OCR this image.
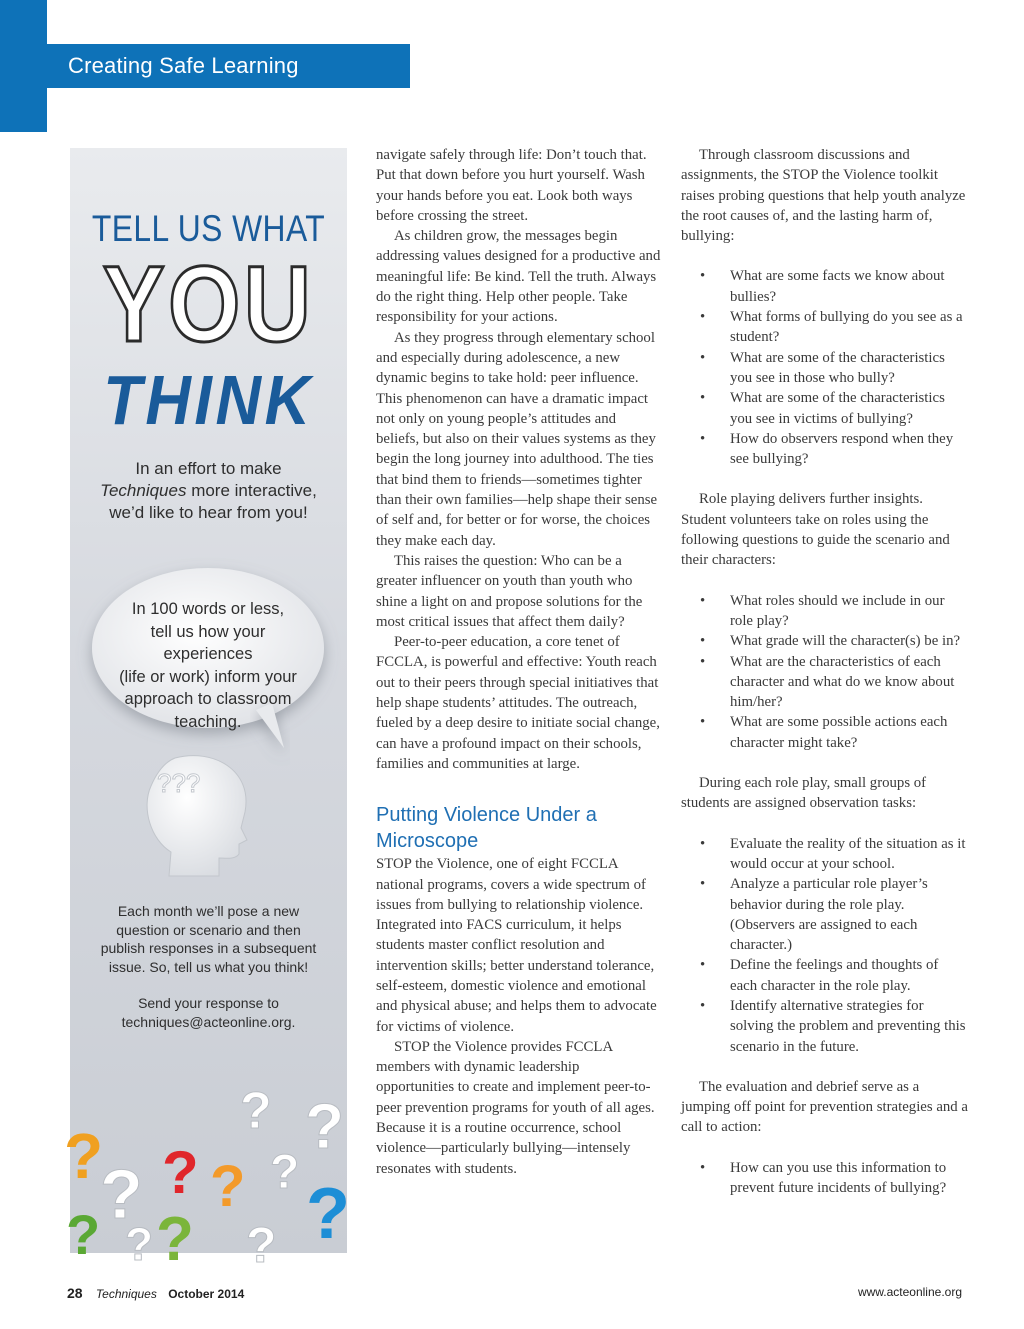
Creating Safe Learning Environments
TELL US WHAT
YOU
THINK
In an effort to make
Techniques more interactive,
we’d like to hear from you!
In 100 words or less,
tell us how your experiences
(life or work) inform your
approach to classroom
teaching.
???
Each month we’ll pose a new
question or scenario and then
publish responses in a subsequent
issue. So, tell us what you think!
Send your response to
techniques@acteonline.org.
? ?
?
? ? ? ?
?
? ?
? ?

navigate safely through life: Don’t touch that. Put that down before you hurt yourself. Wash your hands before you eat. Look both ways before crossing the street.

As children grow, the messages begin addressing values designed for a productive and meaningful life: Be kind. Tell the truth. Always do the right thing. Help other people. Take responsibility for your actions.

As they progress through elementary school and especially during adolescence, a new dynamic begins to take hold: peer influence. This phenomenon can have a dramatic impact not only on young people’s attitudes and beliefs, but also on their values systems as they begin the long journey into adulthood. The ties that bind them to friends—sometimes tighter than their own families—help shape their sense of self and, for better or for worse, the choices they make each day.

This raises the question: Who can be a greater influencer on youth than youth who shine a light on and propose solutions for the most critical issues that affect them daily?

Peer-to-peer education, a core tenet of FCCLA, is powerful and effective: Youth reach out to their peers through special initiatives that help shape students’ attitudes. The outreach, fueled by a deep desire to initiate social change, can have a profound impact on their schools, families and communities at large.

Putting Violence Under a Microscope

STOP the Violence, one of eight FCCLA national programs, covers a wide spectrum of issues from bullying to relationship violence. Integrated into FACS curriculum, it helps students master conflict resolution and intervention skills; better understand tolerance, self-esteem, domestic violence and emotional and physical abuse; and helps them to advocate for victims of violence.

STOP the Violence provides FCCLA members with dynamic leadership opportunities to create and implement peer-to-peer prevention programs for youth of all ages. Because it is a routine occurrence, school violence—particularly bullying—intensely resonates with students.

Through classroom discussions and assignments, the STOP the Violence toolkit raises probing questions that help youth analyze the root causes of, and the lasting harm of, bullying:

• What are some facts we know about bullies?
• What forms of bullying do you see as a student?
• What are some of the characteristics you see in those who bully?
• What are some of the characteristics you see in victims of bullying?
• How do observers respond when they see bullying?

Role playing delivers further insights. Student volunteers take on roles using the following questions to guide the scenario and their characters:

• What roles should we include in our role play?
• What grade will the character(s) be in?
• What are the characteristics of each character and what do we know about him/her?
• What are some possible actions each character might take?

During each role play, small groups of students are assigned observation tasks:

• Evaluate the reality of the situation as it would occur at your school.
• Analyze a particular role player’s behavior during the role play. (Observers are assigned to each character.)
• Define the feelings and thoughts of each character in the role play.
• Identify alternative strategies for solving the problem and preventing this scenario in the future.

The evaluation and debrief serve as a jumping off point for prevention strategies and a call to action:

• How can you use this information to prevent future incidents of bullying?
28 Techniques October 2014	www.acteonline.org
